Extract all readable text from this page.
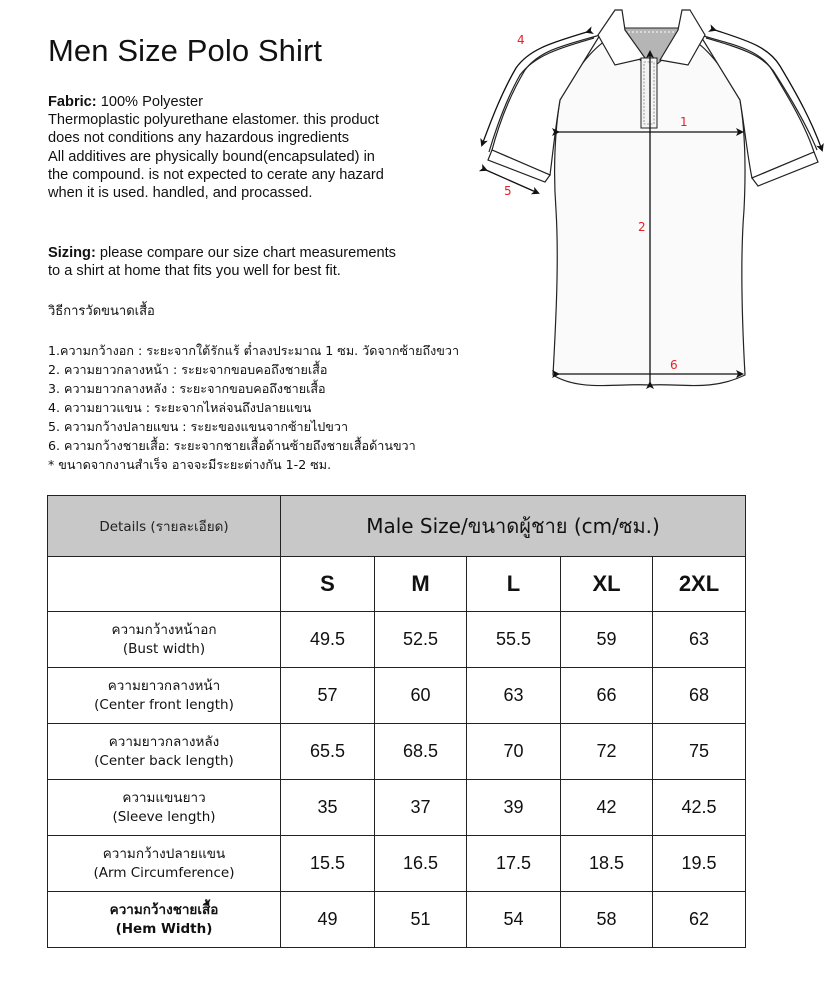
Men Size Polo Shirt

Fabric: 100% Polyester

Thermoplastic polyurethane elastomer. this product

does not conditions any hazardous ingredients

All additives are physically bound(encapsulated) in

the compound. is not expected to cerate any hazard

when it is used. handled, and procassed.

Sizing: please compare our size chart measurements

to a shirt at home that fits you well for best fit.

วิธีการวัดขนาดเสื้อ
1.ความกว้างอก : ระยะจากใต้รักแร้ ต่ำลงประมาณ 1 ซม. วัดจากซ้ายถึงขวา
2. ความยาวกลางหน้า : ระยะจากขอบคอถึงชายเสื้อ
3. ความยาวกลางหลัง : ระยะจากขอบคอถึงชายเสื้อ
4. ความยาวแขน : ระยะจากไหล่จนถึงปลายแขน
5. ความกว้างปลายแขน : ระยะของแขนจากซ้ายไปขวา
6. ความกว้างชายเสื้อ: ระยะจากชายเสื้อด้านซ้ายถึงชายเสื้อด้านขวา
* ขนาดจากงานสำเร็จ อาจจะมีระยะต่างกัน 1-2 ซม.
4
1
5
2
6
Details (รายละเอียด)	Male Size/ขนาดผู้ชาย (cm/ซม.)				
	S	M	L	XL	2XL

ความกว้างหน้าอก
(Bust width)	49.5	52.5	55.5	59	63

ความยาวกลางหน้า
(Center front length)	57	60	63	66	68

ความยาวกลางหลัง
(Center back length)	65.5	68.5	70	72	75

ความแขนยาว
(Sleeve length)	35	37	39	42	42.5

ความกว้างปลายแขน
(Arm Circumference)	15.5	16.5	17.5	18.5	19.5

ความกว้างชายเสื้อ
(Hem Width)	49	51	54	58	62
